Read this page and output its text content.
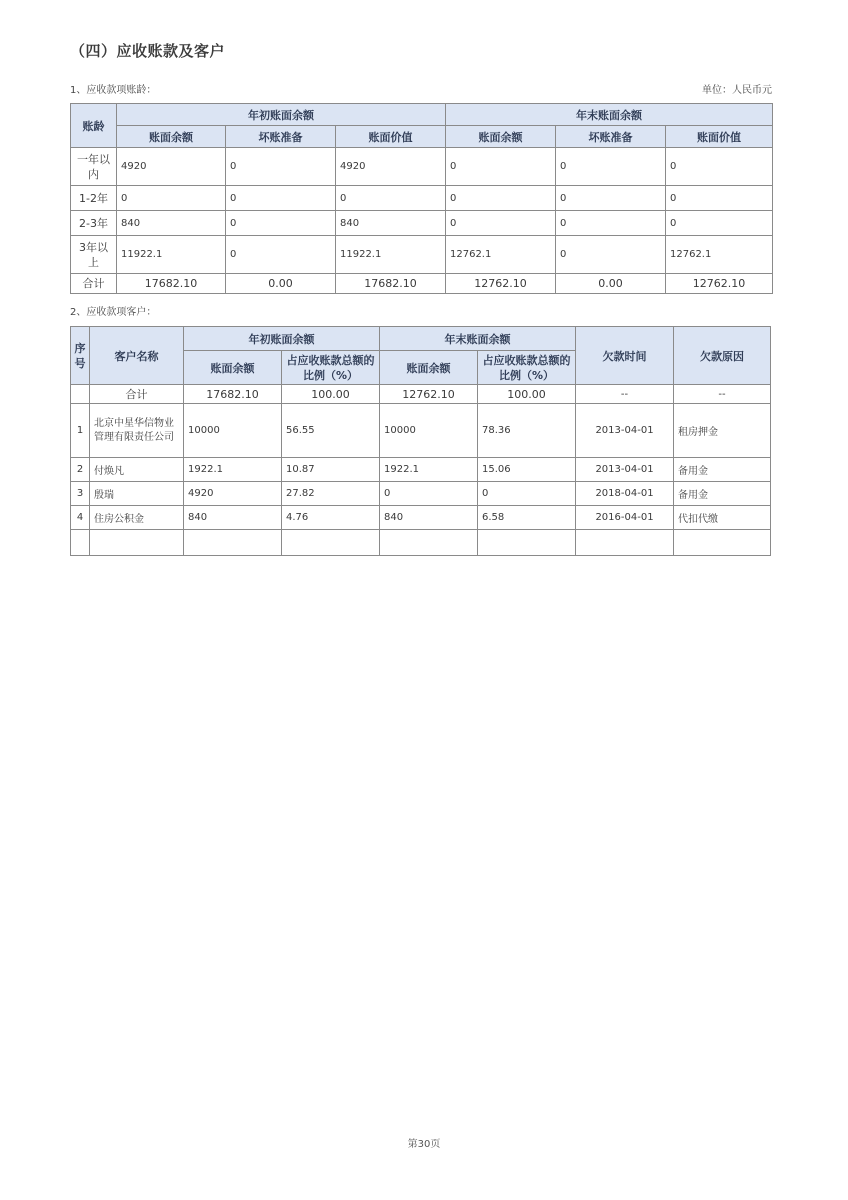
（四）应收账款及客户
1、应收款项账龄：	单位：人民币元
账龄	年初账面余额			年末账面余额		
	账面余额	坏账准备	账面价值	账面余额	坏账准备	账面价值
一年以内	4920	0	4920	0	0	0
1-2年	0	0	0	0	0	0
2-3年	840	0	840	0	0	0
3年以上	11922.1	0	11922.1	12762.1	0	12762.1
合计	17682.10	0.00	17682.10	12762.10	0.00	12762.10
2、应收款项客户：
序号	客户名称	年初账面余额		年末账面余额		欠款时间	欠款原因
		账面余额	占应收账款总额的比例（%）	账面余额	占应收账款总额的比例（%）		
	合计	17682.10	100.00	12762.10	100.00	--	--
1	北京中星华信物业管理有限责任公司	10000	56.55	10000	78.36	2013-04-01	租房押金
2	付焕凡	1922.1	10.87	1922.1	15.06	2013-04-01	备用金
3	殷瑞	4920	27.82	0	0	2018-04-01	备用金
4	住房公积金	840	4.76	840	6.58	2016-04-01	代扣代缴

第30页
